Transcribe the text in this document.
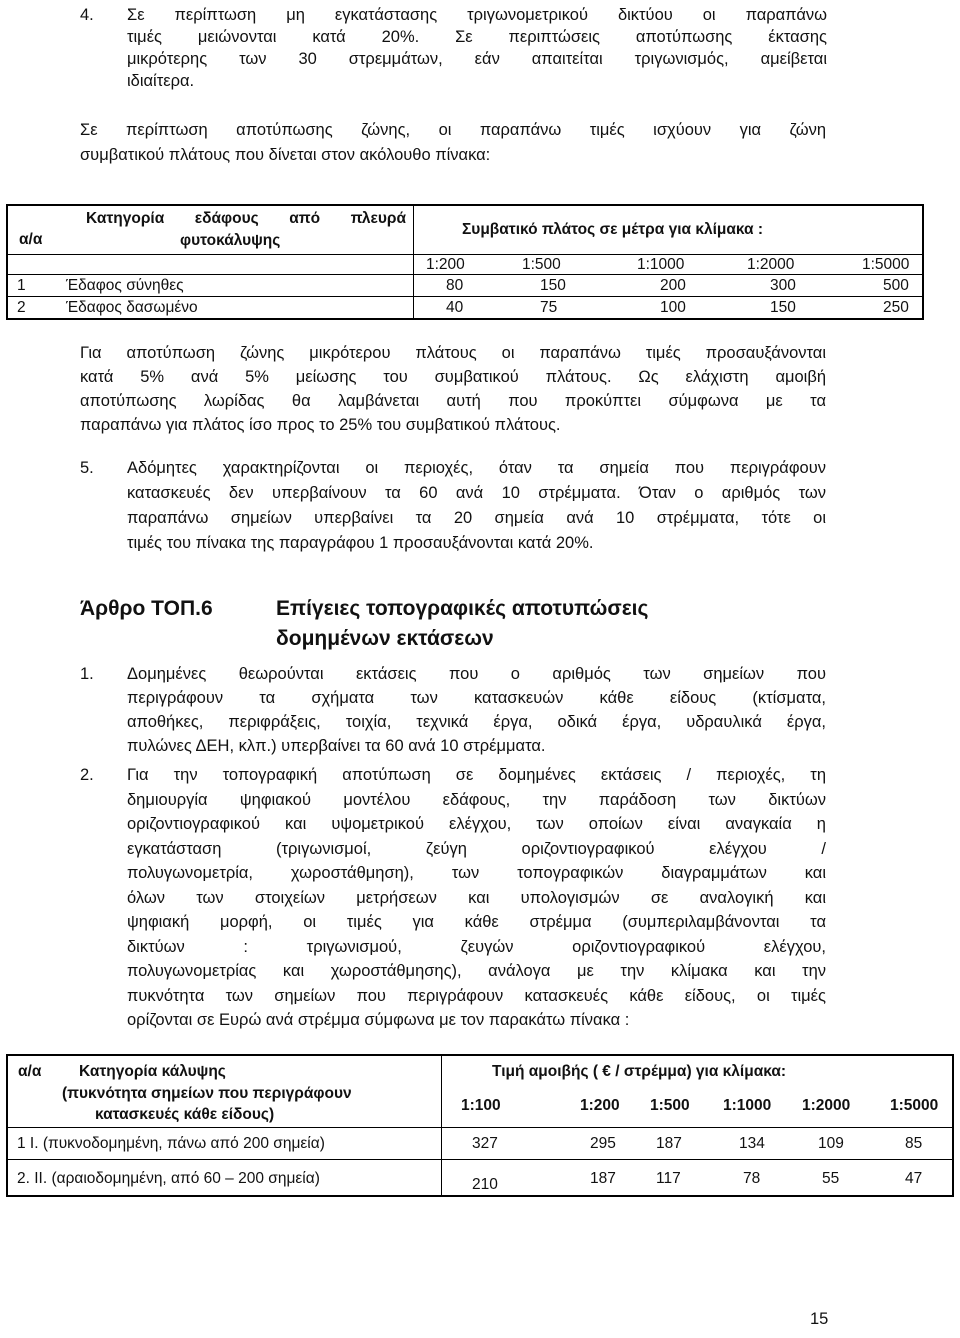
4. Σε περίπτωση μη εγκατάστασης τριγωνομετρικού δικτύου οι παραπάνω
τιμές μειώνονται κατά 20%. Σε περιπτώσεις αποτύπωσης έκτασης
μικρότερης των 30 στρεμμάτων, εάν απαιτείται τριγωνισμός, αμείβεται
ιδιαίτερα.
Σε περίπτωση αποτύπωσης ζώνης, οι παραπάνω τιμές ισχύουν για ζώνη
συμβατικού πλάτους που δίνεται στον ακόλουθο πίνακα:
α/α
Κατηγορία εδάφους από πλευρά
φυτοκάλυψης
Συμβατικό πλάτος σε μέτρα για κλίμακα :
1:200	1:500	1:1000	1:2000	1:5000
1	Έδαφος σύνηθες	80	150	200	300	500
2	Έδαφος δασωμένο	40	75	100	150	250
Για αποτύπωση ζώνης μικρότερου πλάτους οι παραπάνω τιμές προσαυξάνονται
κατά 5% ανά 5% μείωσης του συμβατικού πλάτους. Ως ελάχιστη αμοιβή
αποτύπωσης λωρίδας θα λαμβάνεται αυτή που προκύπτει σύμφωνα με τα
παραπάνω για πλάτος ίσο προς το 25% του συμβατικού πλάτους.
5. Αδόμητες χαρακτηρίζονται οι περιοχές, όταν τα σημεία που περιγράφουν
κατασκευές δεν υπερβαίνουν τα 60 ανά 10 στρέμματα. Όταν ο αριθμός των
παραπάνω σημείων υπερβαίνει τα 20 σημεία ανά 10 στρέμματα, τότε οι
τιμές του πίνακα της παραγράφου 1 προσαυξάνονται κατά 20%.
Άρθρο ΤΟΠ.6	Επίγειες τοπογραφικές αποτυπώσεις
δομημένων εκτάσεων
1. Δομημένες θεωρούνται εκτάσεις που ο αριθμός των σημείων που
περιγράφουν τα σχήματα των κατασκευών κάθε είδους (κτίσματα,
αποθήκες, περιφράξεις, τοιχία, τεχνικά έργα, οδικά έργα, υδραυλικά έργα,
πυλώνες ΔΕΗ, κλπ.) υπερβαίνει τα 60 ανά 10 στρέμματα.
2. Για την τοπογραφική αποτύπωση σε δομημένες εκτάσεις / περιοχές, τη
δημιουργία ψηφιακού μοντέλου εδάφους, την παράδοση των δικτύων
οριζοντιογραφικού και υψομετρικού ελέγχου, των οποίων είναι αναγκαία η
εγκατάσταση (τριγωνισμοί, ζεύγη οριζοντιογραφικού ελέγχου /
πολυγωνομετρία, χωροστάθμηση), των τοπογραφικών διαγραμμάτων και
όλων των στοιχείων μετρήσεων και υπολογισμών σε αναλογική και
ψηφιακή μορφή, οι τιμές για κάθε στρέμμα (συμπεριλαμβάνονται τα
δικτύων : τριγωνισμού, ζευγών οριζοντιογραφικού ελέγχου,
πολυγωνομετρίας και χωροστάθμησης), ανάλογα με την κλίμακα και την
πυκνότητα των σημείων που περιγράφουν κατασκευές κάθε είδους, οι τιμές
ορίζονται σε Ευρώ ανά στρέμμα σύμφωνα με τον παρακάτω πίνακα :
α/α Κατηγορία κάλυψης
(πυκνότητα σημείων που περιγράφουν
κατασκευές κάθε είδους)
Τιμή αμοιβής ( € / στρέμμα) για κλίμακα:
1:100	1:200 1:500 1:1000 1:2000	1:5000
1 Ι. (πυκνοδομημένη, πάνω από 200 σημεία)	327	295	187	134	109	85
2. ΙΙ. (αραιοδομημένη, από 60 – 200 σημεία)	210	187	117	78	55	47
15
